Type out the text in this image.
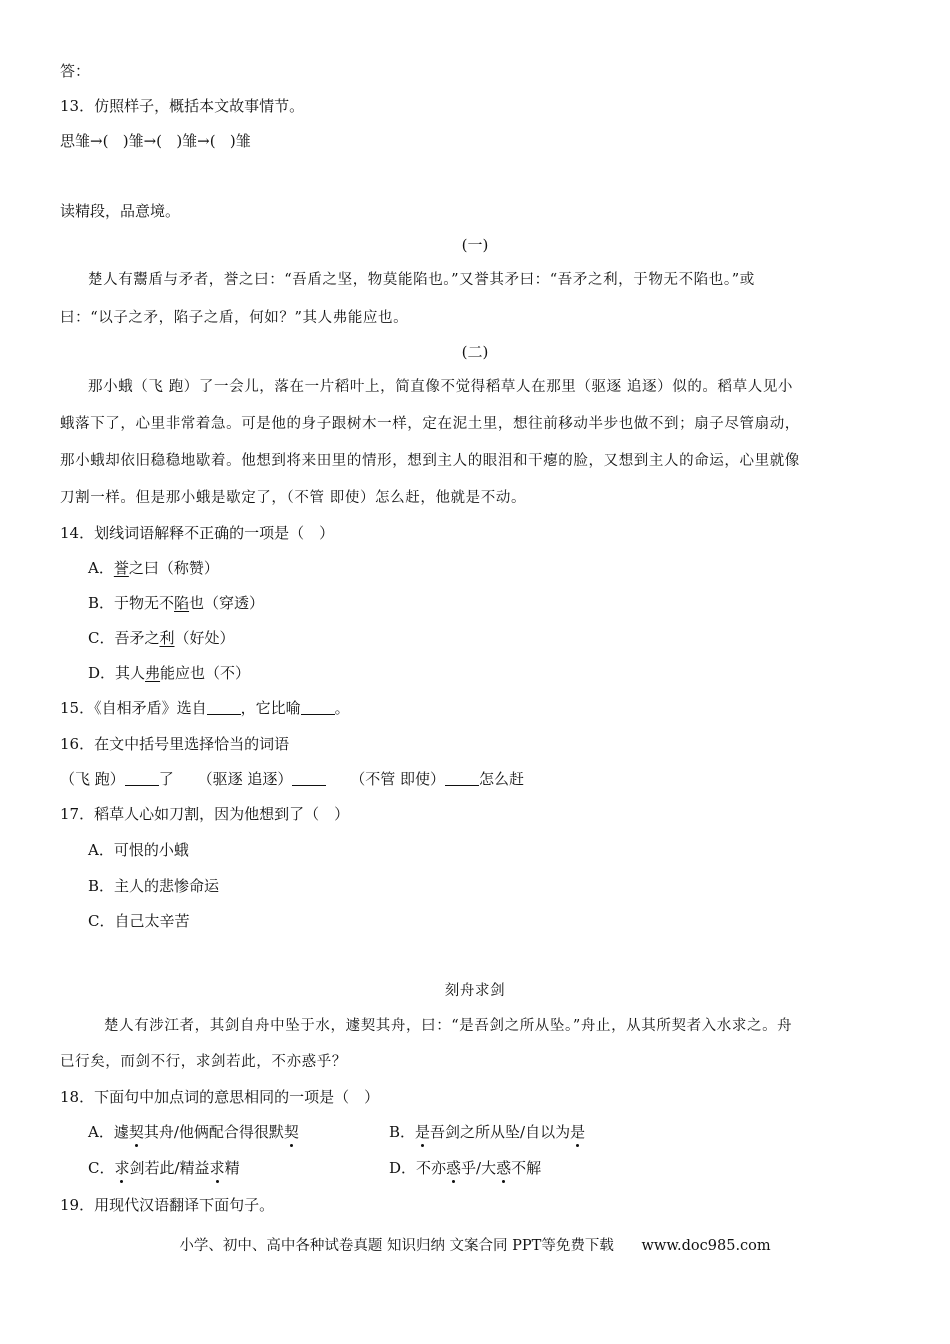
答：
13．仿照样子，概括本文故事情节。
思雏→( )雏→( )雏→( )雏
读精段，品意境。
(一)
楚人有鬻盾与矛者，誉之曰：“吾盾之坚，物莫能陷也。”又誉其矛曰：“吾矛之利，于物无不陷也。”或
曰：“以子之矛，陷子之盾，何如？”其人弗能应也。
(二)
那小蛾（飞 跑）了一会儿，落在一片稻叶上，简直像不觉得稻草人在那里（驱逐 追逐）似的。稻草人见小
蛾落下了，心里非常着急。可是他的身子跟树木一样，定在泥土里，想往前移动半步也做不到；扇子尽管扇动，
那小蛾却依旧稳稳地歇着。他想到将来田里的情形，想到主人的眼泪和干瘪的脸，又想到主人的命运，心里就像
刀割一样。但是那小蛾是歇定了，（不管 即使）怎么赶，他就是不动。
14．划线词语解释不正确的一项是（　）
A．誉之曰（称赞）
B．于物无不陷也（穿透）
C．吾矛之利（好处）
D．其人弗能应也（不）
15．《自相矛盾》选自 ，它比喻 。
16．在文中括号里选择恰当的词语
（飞 跑） 了 （驱逐 追逐）	（不管 即使） 怎么赶
17．稻草人心如刀割，因为他想到了（　）
A．可恨的小蛾
B．主人的悲惨命运
C．自己太辛苦
刻舟求剑
楚人有涉江者，其剑自舟中坠于水，遽契其舟，曰：“是吾剑之所从坠。”舟止，从其所契者入水求之。舟
已行矣，而剑不行，求剑若此，不亦惑乎？
18．下面句中加点词的意思相同的一项是（　）
A．遽契其舟/他俩配合得很默契	B．是吾剑之所从坠/自以为是
C．求剑若此/精益求精	D．不亦惑乎/大惑不解
19．用现代汉语翻译下面句子。
小学、初中、高中各种试卷真题 知识归纳 文案合同 PPT等免费下载 www.doc985.com
